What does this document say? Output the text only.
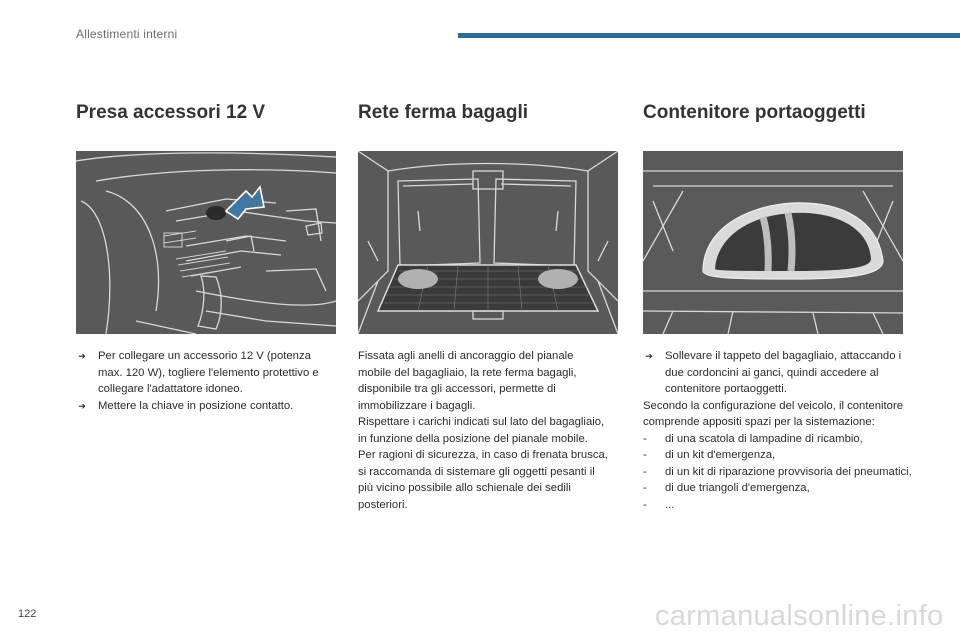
Allestimenti interni
Presa accessori 12 V	Rete ferma bagagli	Contenitore portaoggetti
➔ Per collegare un accessorio 12 V (potenza max. 120 W), togliere l'elemento protettivo e collegare l'adattatore idoneo.
➔ Mettere la chiave in posizione contatto.
Fissata agli anelli di ancoraggio del pianale mobile del bagagliaio, la rete ferma bagagli, disponibile tra gli accessori, permette di immobilizzare i bagagli.
Rispettare i carichi indicati sul lato del bagagliaio, in funzione della posizione del pianale mobile.
Per ragioni di sicurezza, in caso di frenata brusca, si raccomanda di sistemare gli oggetti pesanti il più vicino possibile allo schienale dei sedili posteriori.
➔ Sollevare il tappeto del bagagliaio, attaccando i due cordoncini ai ganci, quindi accedere al contenitore portaoggetti.
Secondo la configurazione del veicolo, il contenitore comprende appositi spazi per la sistemazione:
- di una scatola di lampadine di ricambio,
- di un kit d'emergenza,
- di un kit di riparazione provvisoria dei pneumatici,
- di due triangoli d'emergenza,
- ...
122	carmanualsonline.info
